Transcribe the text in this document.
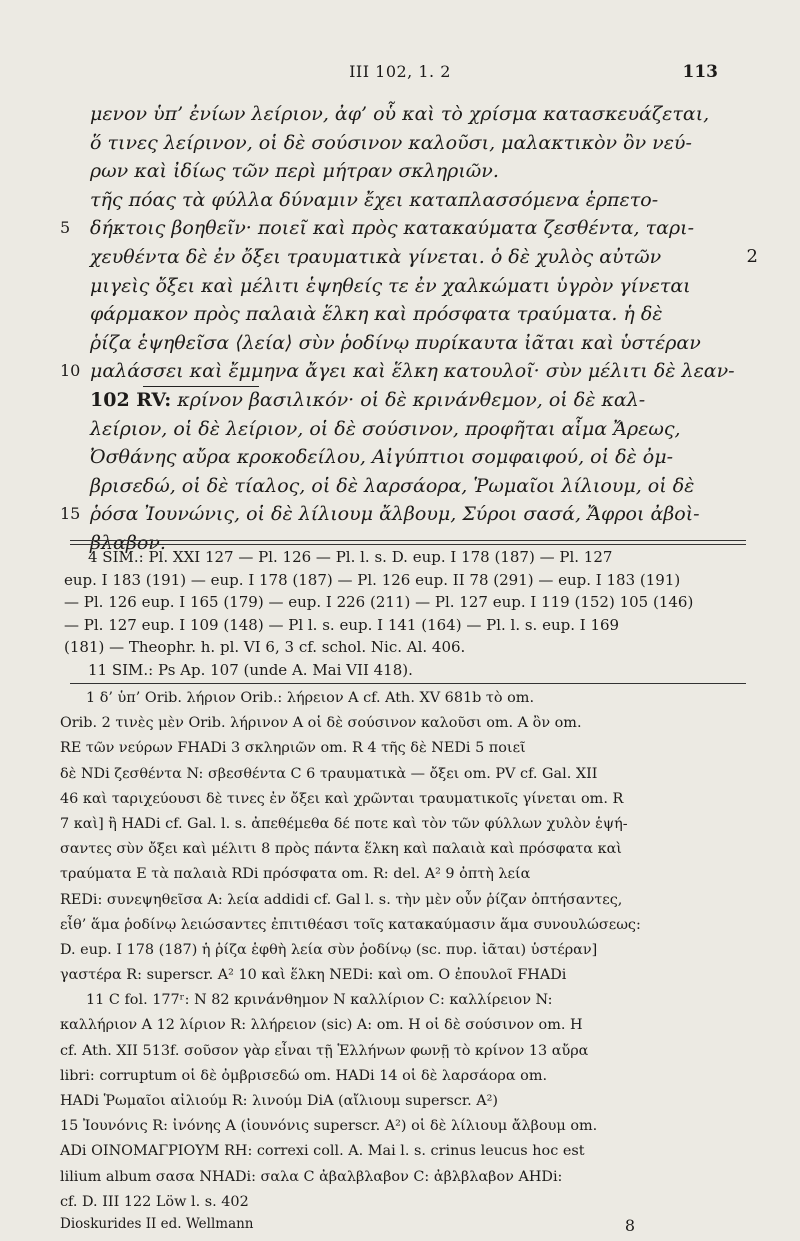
III 102, 1. 2	113
μενον ὑπ’ ἐνίων λείριον, ἀφ’ οὗ καὶ τὸ χρίσμα κατασκευάζεται,
ὅ τινες λείρινον, οἱ δὲ σούσινον καλοῦσι, μαλακτικὸν ὂν νεύ-
ρων καὶ ἰδίως τῶν περὶ μήτραν σκληριῶν.
τῆς πόας τὰ φύλλα δύναμιν ἔχει καταπλασσόμενα ἑρπετο-
5 δήκτοις βοηθεῖν· ποιεῖ καὶ πρὸς κατακαύματα ζεσθέντα, ταρι-
χευθέντα δὲ ἐν ὄξει τραυματικὰ γίνεται. ὁ δὲ χυλὸς αὐτῶν	2
μιγεὶς ὄξει καὶ μέλιτι ἑψηθείς τε ἐν χαλκώματι ὑγρὸν γίνεται
φάρμακον πρὸς παλαιὰ ἕλκη καὶ πρόσφατα τραύματα. ἡ δὲ
ῥίζα ἑψηθεῖσα ⟨λεία⟩ σὺν ῥοδίνῳ πυρίκαυτα ἰᾶται καὶ ὑστέραν
10 μαλάσσει καὶ ἔμμηνα ἄγει καὶ ἕλκη κατουλοῖ· σὺν μέλιτι δὲ λεαν-
102 RV: κρίνον βασιλικόν· οἱ δὲ κρινάνθεμον, οἱ δὲ καλ-
λείριον, οἱ δὲ λείριον, οἱ δὲ σούσινον, προφῆται αἷμα Ἄρεως,
Ὀσθάνης αὔρα κροκοδείλου, Αἰγύπτιοι σομφαιφού, οἱ δὲ ὀμ-
βρισεδώ, οἱ δὲ τίαλος, οἱ δὲ λαρσάορα, Ῥωμαῖοι λίλιουμ, οἱ δὲ
15 ῥόσα Ἰουνώνις, οἱ δὲ λίλιουμ ἄλβουμ, Σύροι σασά, Ἄφροι ἀβοὶ-
βλαβον.
4 SIM.: Pl. XXI 127 — Pl. 126 — Pl. l. s. D. eup. I 178 (187) — Pl. 127
eup. I 183 (191) — eup. I 178 (187) — Pl. 126 eup. II 78 (291) — eup. I 183 (191)
— Pl. 126 eup. I 165 (179) — eup. I 226 (211) — Pl. 127 eup. I 119 (152) 105 (146)
— Pl. 127 eup. I 109 (148) — Pl l. s. eup. I 141 (164) — Pl. l. s. eup. I 169
(181) — Theophr. h. pl. VI 6, 3 cf. schol. Nic. Al. 406.
11 SIM.: Ps Ap. 107 (unde A. Mai VII 418).
1 δ’ ὑπ’ Orib. λήριον Orib.: λήρειον A cf. Ath. XV 681b τὸ om.
Orib. 2 τινὲς μὲν Orib. λήρινον A οἱ δὲ σούσινον καλοῦσι om. A ὂν om.
RE τῶν νεύρων FHADi 3 σκληριῶν om. R 4 τῆς δὲ NEDi 5 ποιεῖ
δὲ NDi ζεσθέντα N: σβεσθέντα C 6 τραυματικὰ — ὄξει om. PV cf. Gal. XII
46 καὶ ταριχεύουσι δὲ τινες ἐν ὄξει καὶ χρῶνται τραυματικοῖς γίνεται om. R
7 καὶ] ἢ HADi cf. Gal. l. s. ἀπεθέμεθα δέ ποτε καὶ τὸν τῶν φύλλων χυλὸν ἑψή-
σαντες σὺν ὄξει καὶ μέλιτι 8 πρὸς πάντα ἕλκη καὶ παλαιὰ καὶ πρόσφατα καὶ
τραύματα E τὰ παλαιὰ RDi πρόσφατα om. R: del. A² 9 ὀπτὴ λεία
REDi: συνεψηθεῖσα A: λεία addidi cf. Gal l. s. τὴν μὲν οὖν ῥίζαν ὀπτήσαντες,
εἶθ’ ἅμα ῥοδίνῳ λειώσαντες ἐπιτιθέασι τοῖς κατακαύμασιν ἅμα συνουλώσεως:
D. eup. I 178 (187) ἡ ῥίζα ἑφθὴ λεία σὺν ῥοδίνῳ (sc. πυρ. ἰᾶται) ὑστέραν]
γαστέρα R: superscr. A² 10 καὶ ἕλκη NEDi: καὶ om. O ἐπουλοῖ FHADi
11 C fol. 177ʳ: N 82 κρινάνθημον N καλλίριον C: καλλίρειον N:
καλλήριον A 12 λίριον R: λλήρειον (sic) A: om. H οἱ δὲ σούσινον om. H
cf. Ath. XII 513f. σοῦσον γὰρ εἶναι τῇ Ἑλλήνων φωνῇ τὸ κρίνον 13 αὔρα
libri: corruptum οἱ δὲ ὀμβρισεδώ om. HADi 14 οἱ δὲ λαρσάορα om.
HADi Ῥωμαῖοι αἰλιούμ R: λινούμ DiA (αἴλιουμ superscr. A²)
15 Ἰουνόνις R: ἰνόνης A (ἰουνόνις superscr. A²) οἱ δὲ λίλιουμ ἄλβουμ om.
ADi ΟΙΝΟΜΑΓΡΙΟΥΜ RH: correxi coll. A. Mai l. s. crinus leucus hoc est
lilium album σασα NHADi: σαλα C ἀβαλβλαβον C: ἀβλβλαβον AHDi:
cf. D. III 122 Löw l. s. 402
Dioskurides II ed. Wellmann	8
